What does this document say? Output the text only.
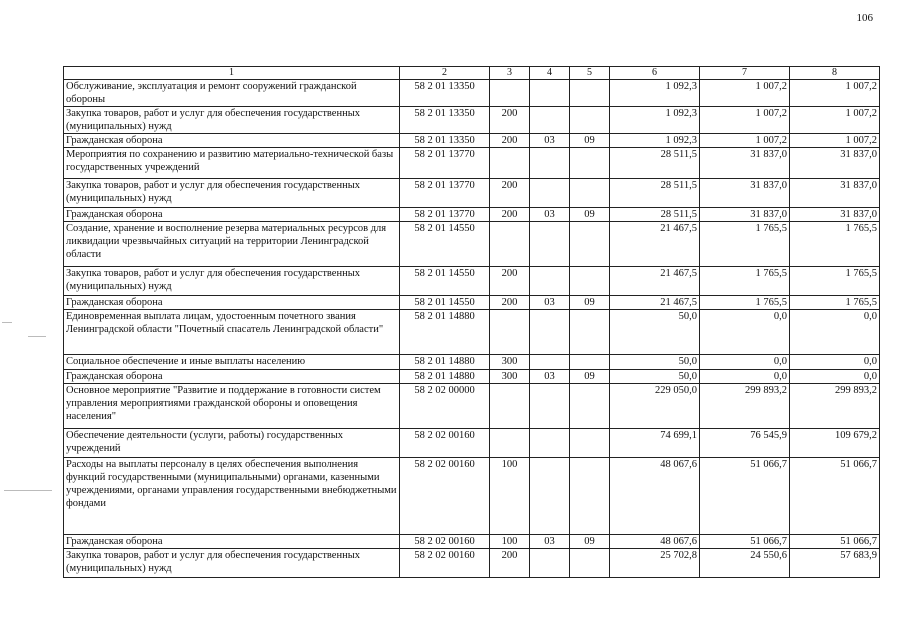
106
1	2	3	4	5	6	7	8
Обслуживание, эксплуатация и ремонт сооружений гражданской обороны	58 2 01 13350				1 092,3	1 007,2	1 007,2
Закупка товаров, работ и услуг для обеспечения государственных (муниципальных) нужд	58 2 01 13350	200			1 092,3	1 007,2	1 007,2
Гражданская оборона	58 2 01 13350	200	03	09	1 092,3	1 007,2	1 007,2
Мероприятия по сохранению и развитию материально-технической базы государственных учреждений	58 2 01 13770				28 511,5	31 837,0	31 837,0
Закупка товаров, работ и услуг для обеспечения государственных (муниципальных) нужд	58 2 01 13770	200			28 511,5	31 837,0	31 837,0
Гражданская оборона	58 2 01 13770	200	03	09	28 511,5	31 837,0	31 837,0
Создание, хранение и восполнение резерва материальных ресурсов для ликвидации чрезвычайных ситуаций на территории Ленинградской области	58 2 01 14550				21 467,5	1 765,5	1 765,5
Закупка товаров, работ и услуг для обеспечения государственных (муниципальных) нужд	58 2 01 14550	200			21 467,5	1 765,5	1 765,5
Гражданская оборона	58 2 01 14550	200	03	09	21 467,5	1 765,5	1 765,5
Единовременная выплата лицам, удостоенным почетного звания Ленинградской области "Почетный спасатель Ленинградской области"	58 2 01 14880				50,0	0,0	0,0
Социальное обеспечение и иные выплаты населению	58 2 01 14880	300			50,0	0,0	0,0
Гражданская оборона	58 2 01 14880	300	03	09	50,0	0,0	0,0
Основное мероприятие "Развитие и поддержание в готовности систем управления мероприятиями гражданской обороны и оповещения населения"	58 2 02 00000				229 050,0	299 893,2	299 893,2
Обеспечение деятельности (услуги, работы) государственных учреждений	58 2 02 00160				74 699,1	76 545,9	109 679,2
Расходы на выплаты персоналу в целях обеспечения выполнения функций государственными (муниципальными) органами, казенными учреждениями, органами управления государственными внебюджетными фондами	58 2 02 00160	100			48 067,6	51 066,7	51 066,7
Гражданская оборона	58 2 02 00160	100	03	09	48 067,6	51 066,7	51 066,7
Закупка товаров, работ и услуг для обеспечения государственных (муниципальных) нужд	58 2 02 00160	200			25 702,8	24 550,6	57 683,9
